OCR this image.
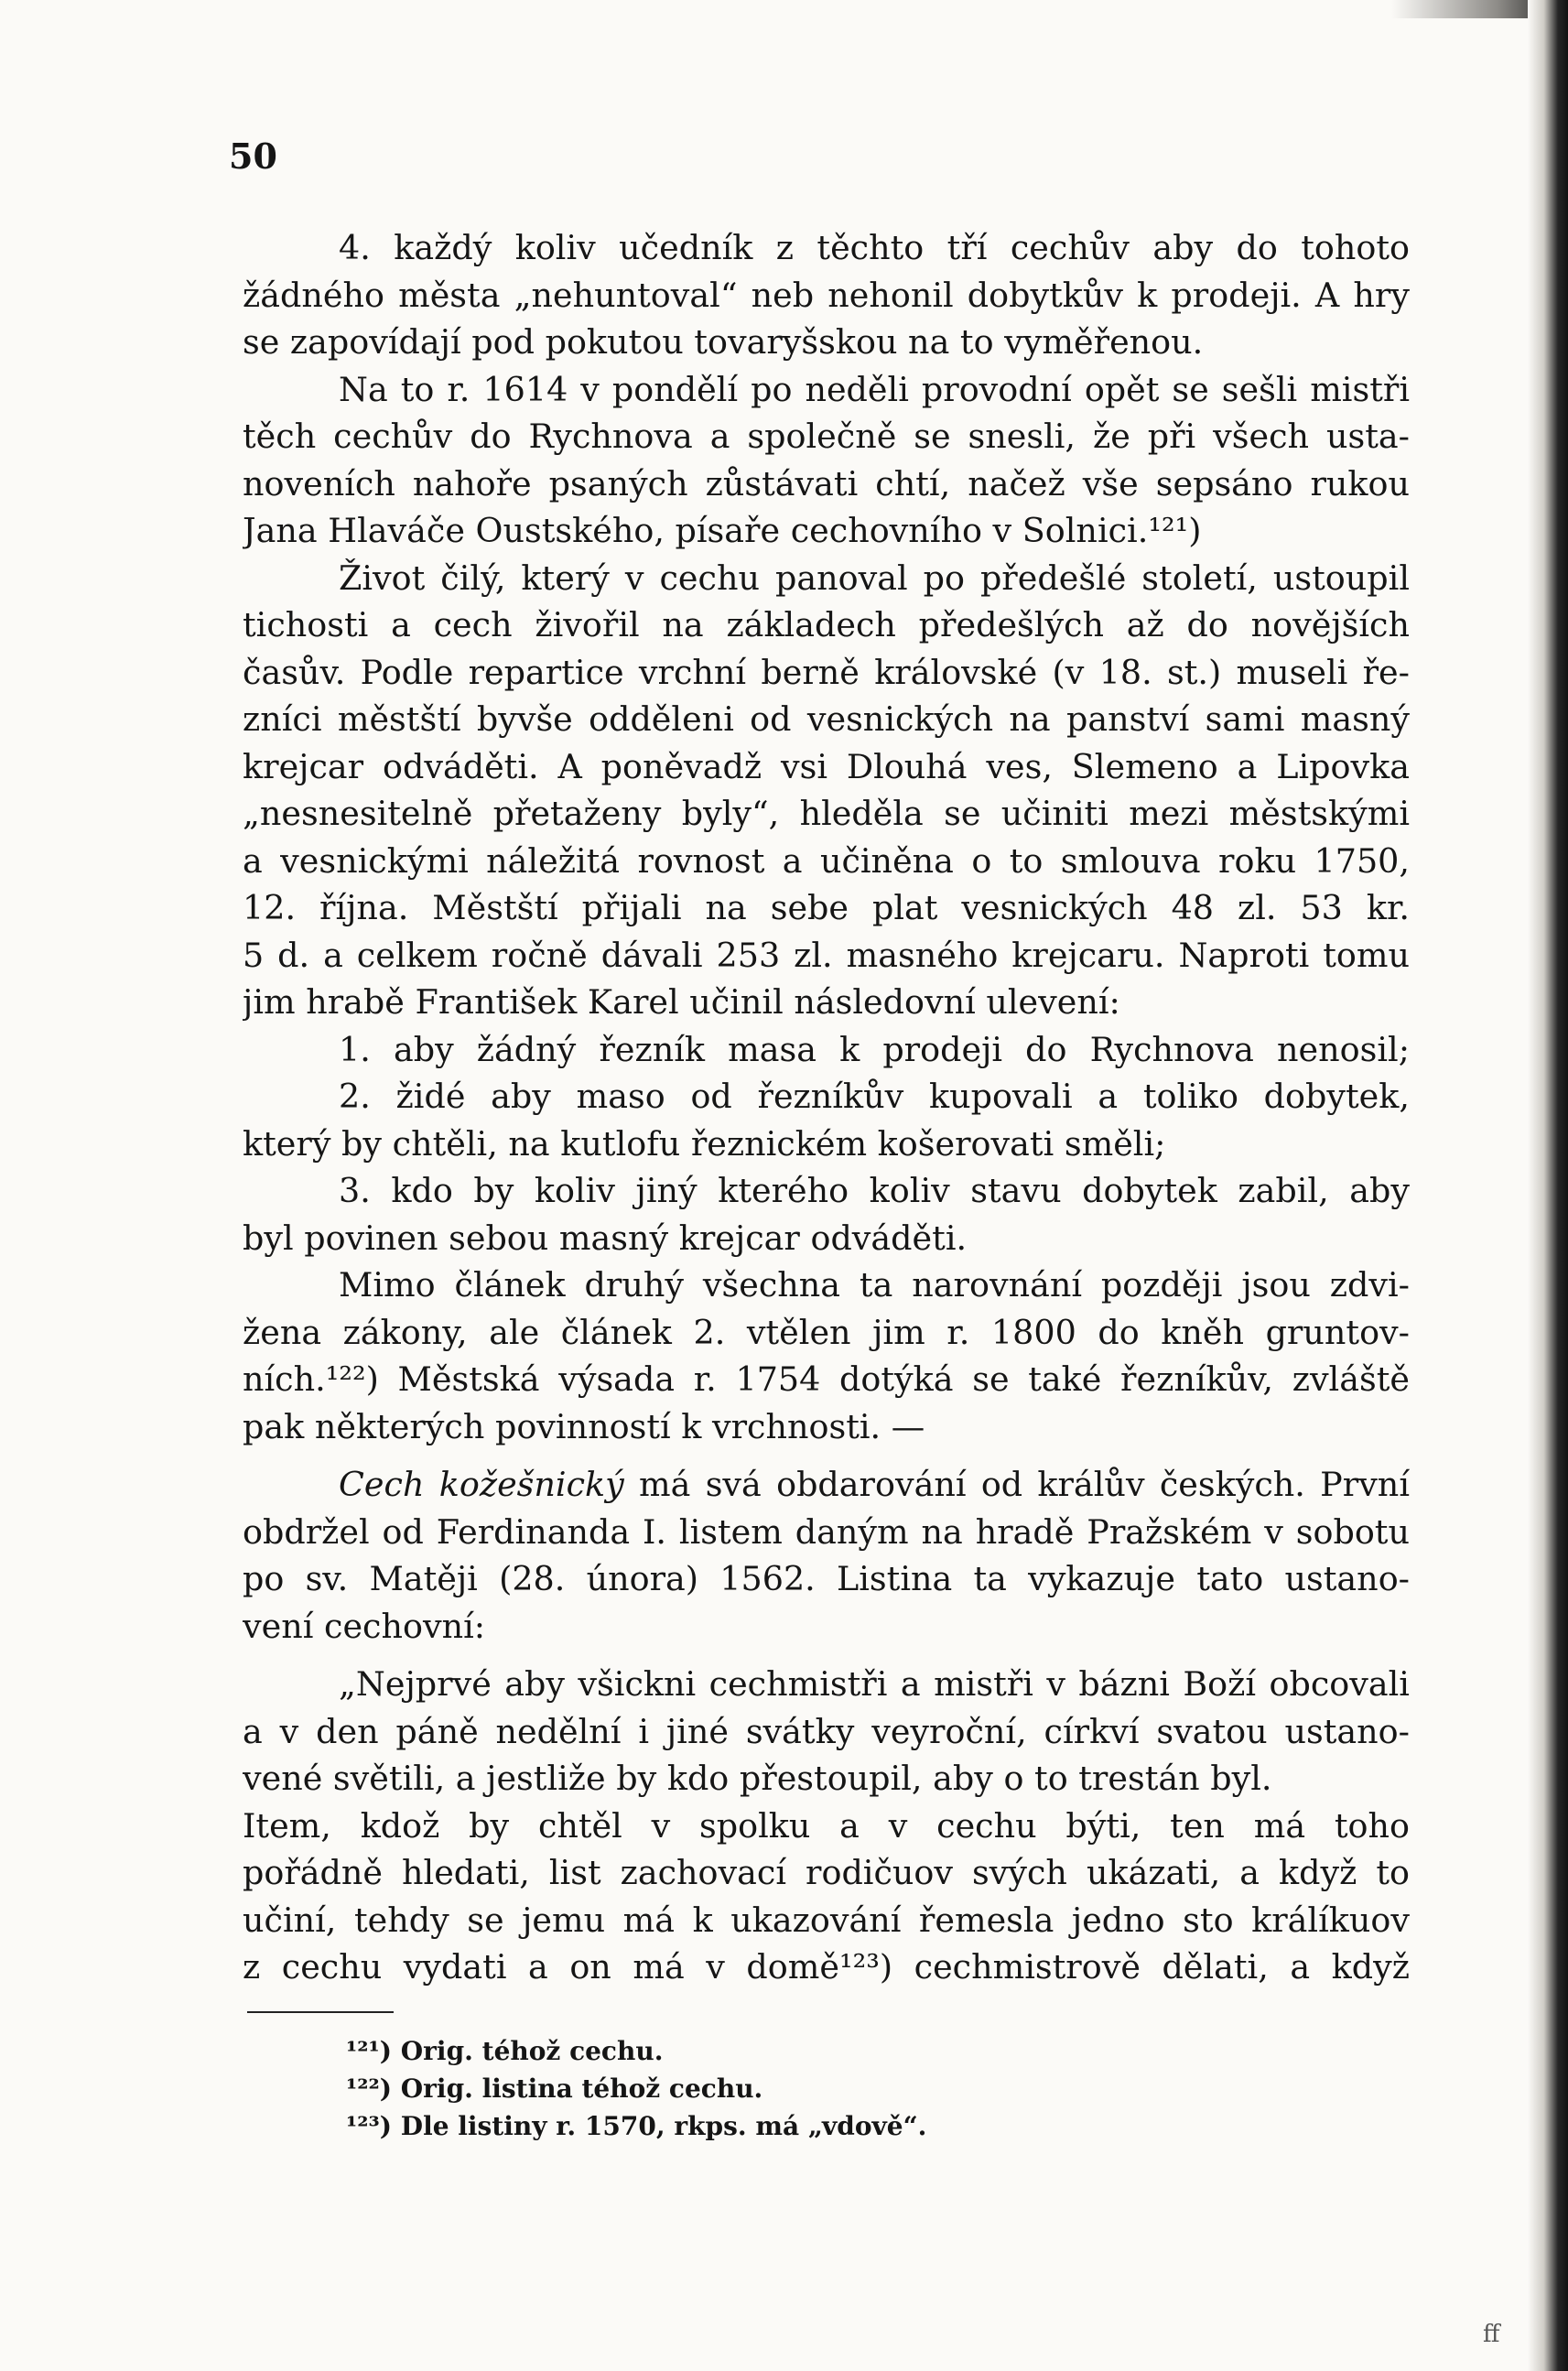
50
4. každý koliv učedník z těchto tří cechův aby do tohoto
žádného města „nehuntoval“ neb nehonil dobytkův k prodeji. A hry
se zapovídají pod pokutou tovaryšskou na to vyměřenou.
Na to r. 1614 v pondělí po neděli provodní opět se sešli mistři
těch cechův do Rychnova a společně se snesli, že při všech usta-
noveních nahoře psaných zůstávati chtí, načež vše sepsáno rukou
Jana Hlaváče Oustského, písaře cechovního v Solnici.¹²¹)
Život čilý, který v cechu panoval po předešlé století, ustoupil
tichosti a cech živořil na základech předešlých až do novějších
časův. Podle repartice vrchní berně královské (v 18. st.) museli ře-
zníci městští byvše odděleni od vesnických na panství sami masný
krejcar odváděti. A poněvadž vsi Dlouhá ves, Slemeno a Lipovka
„nesnesitelně přetaženy byly“, hleděla se učiniti mezi městskými
a vesnickými náležitá rovnost a učiněna o to smlouva roku 1750,
12. října. Městští přijali na sebe plat vesnických 48 zl. 53 kr.
5 d. a celkem ročně dávali 253 zl. masného krejcaru. Naproti tomu
jim hrabě František Karel učinil následovní ulevení:
1. aby žádný řezník masa k prodeji do Rychnova nenosil;
2. židé aby maso od řezníkův kupovali a toliko dobytek,
který by chtěli, na kutlofu řeznickém košerovati směli;
3. kdo by koliv jiný kterého koliv stavu dobytek zabil, aby
byl povinen sebou masný krejcar odváděti.
Mimo článek druhý všechna ta narovnání později jsou zdvi-
žena zákony, ale článek 2. vtělen jim r. 1800 do kněh gruntov-
ních.¹²²) Městská výsada r. 1754 dotýká se také řezníkův, zvláště
pak některých povinností k vrchnosti. —
Cech kožešnický má svá obdarování od králův českých. První
obdržel od Ferdinanda I. listem daným na hradě Pražském v sobotu
po sv. Matěji (28. února) 1562. Listina ta vykazuje tato ustano-
vení cechovní:
„Nejprvé aby všickni cechmistři a mistři v bázni Boží obcovali
a v den páně nedělní i jiné svátky veyroční, církví svatou ustano-
vené světili, a jestliže by kdo přestoupil, aby o to trestán byl.
Item, kdož by chtěl v spolku a v cechu býti, ten má toho
pořádně hledati, list zachovací rodičuov svých ukázati, a když to
učiní, tehdy se jemu má k ukazování řemesla jedno sto králíkuov
z cechu vydati a on má v domě¹²³) cechmistrově dělati, a když
¹²¹) Orig. téhož cechu.
¹²²) Orig. listina téhož cechu.
¹²³) Dle listiny r. 1570, rkps. má „vdově“.
ff
